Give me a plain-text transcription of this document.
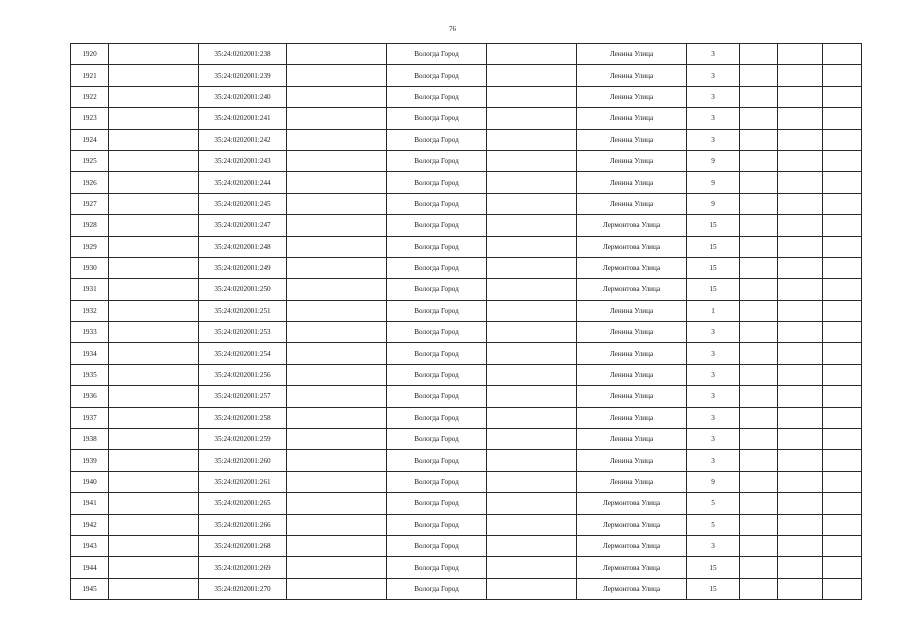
76
1920		35:24:0202001:238		Вологда Город		Ленина Улица	3			
1921		35:24:0202001:239		Вологда Город		Ленина Улица	3			
1922		35:24:0202001:240		Вологда Город		Ленина Улица	3			
1923		35:24:0202001:241		Вологда Город		Ленина Улица	3			
1924		35:24:0202001:242		Вологда Город		Ленина Улица	3			
1925		35:24:0202001:243		Вологда Город		Ленина Улица	9			
1926		35:24:0202001:244		Вологда Город		Ленина Улица	9			
1927		35:24:0202001:245		Вологда Город		Ленина Улица	9			
1928		35:24:0202001:247		Вологда Город		Лермонтова Улица	15			
1929		35:24:0202001:248		Вологда Город		Лермонтова Улица	15			
1930		35:24:0202001:249		Вологда Город		Лермонтова Улица	15			
1931		35:24:0202001:250		Вологда Город		Лермонтова Улица	15			
1932		35:24:0202001:251		Вологда Город		Ленина Улица	1			
1933		35:24:0202001:253		Вологда Город		Ленина Улица	3			
1934		35:24:0202001:254		Вологда Город		Ленина Улица	3			
1935		35:24:0202001:256		Вологда Город		Ленина Улица	3			
1936		35:24:0202001:257		Вологда Город		Ленина Улица	3			
1937		35:24:0202001:258		Вологда Город		Ленина Улица	3			
1938		35:24:0202001:259		Вологда Город		Ленина Улица	3			
1939		35:24:0202001:260		Вологда Город		Ленина Улица	3			
1940		35:24:0202001:261		Вологда Город		Ленина Улица	9			
1941		35:24:0202001:265		Вологда Город		Лермонтова Улица	5			
1942		35:24:0202001:266		Вологда Город		Лермонтова Улица	5			
1943		35:24:0202001:268		Вологда Город		Лермонтова Улица	3			
1944		35:24:0202001:269		Вологда Город		Лермонтова Улица	15			
1945		35:24:0202001:270		Вологда Город		Лермонтова Улица	15			
